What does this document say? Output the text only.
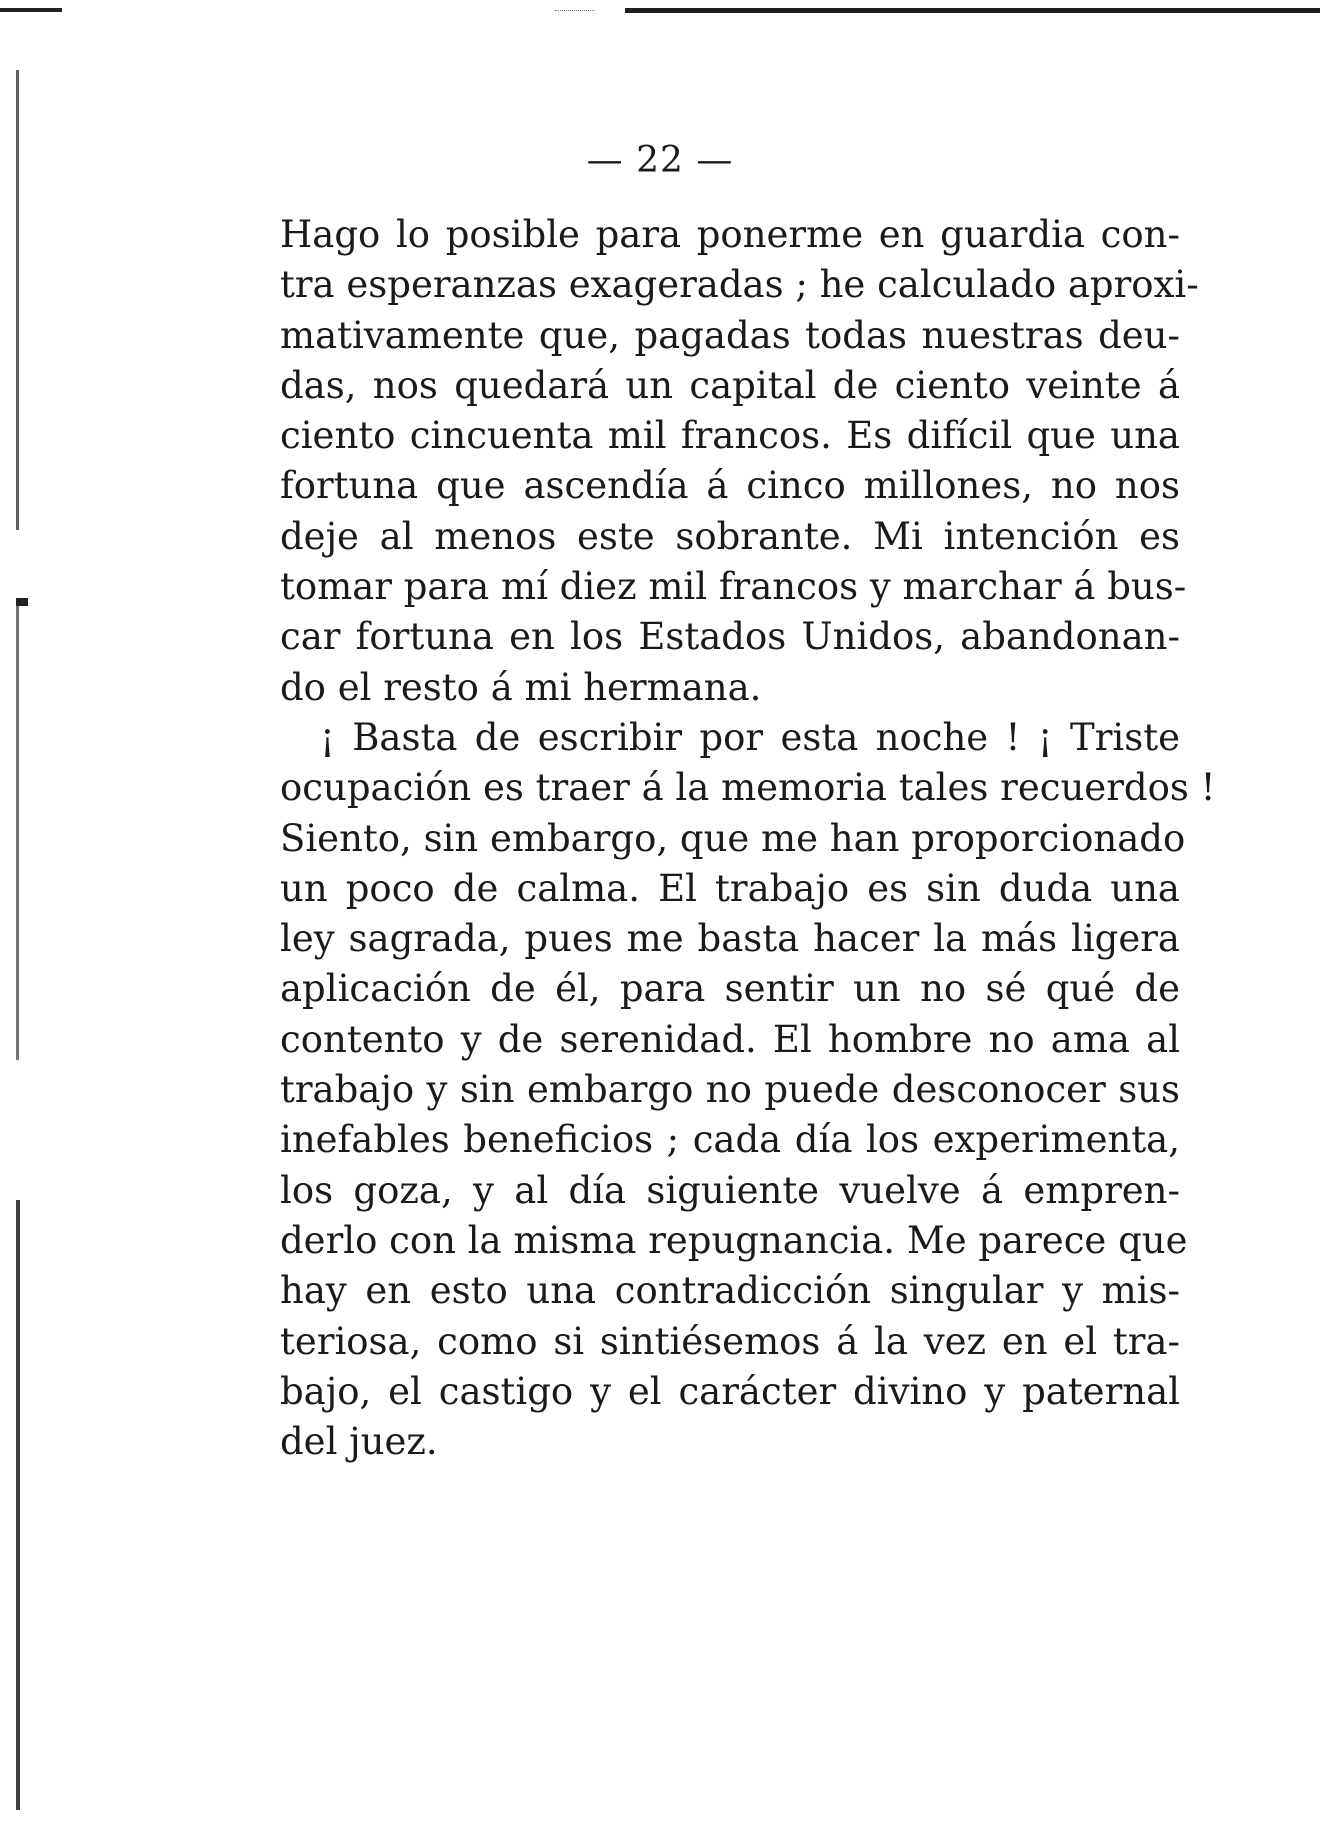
— 22 —
Hago lo posible para ponerme en guardia con-
tra esperanzas exageradas ; he calculado aproxi-
mativamente que, pagadas todas nuestras deu-
das, nos quedará un capital de ciento veinte á
ciento cincuenta mil francos. Es difícil que una
fortuna que ascendía á cinco millones, no nos
deje al menos este sobrante. Mi intención es
tomar para mí diez mil francos y marchar á bus-
car fortuna en los Estados Unidos, abandonan-
do el resto á mi hermana.
¡ Basta de escribir por esta noche ! ¡ Triste
ocupación es traer á la memoria tales recuerdos !
Siento, sin embargo, que me han proporcionado
un poco de calma. El trabajo es sin duda una
ley sagrada, pues me basta hacer la más ligera
aplicación de él, para sentir un no sé qué de
contento y de serenidad. El hombre no ama al
trabajo y sin embargo no puede desconocer sus
inefables beneficios ; cada día los experimenta,
los goza, y al día siguiente vuelve á empren-
derlo con la misma repugnancia. Me parece que
hay en esto una contradicción singular y mis-
teriosa, como si sintiésemos á la vez en el tra-
bajo, el castigo y el carácter divino y paternal
del juez.
